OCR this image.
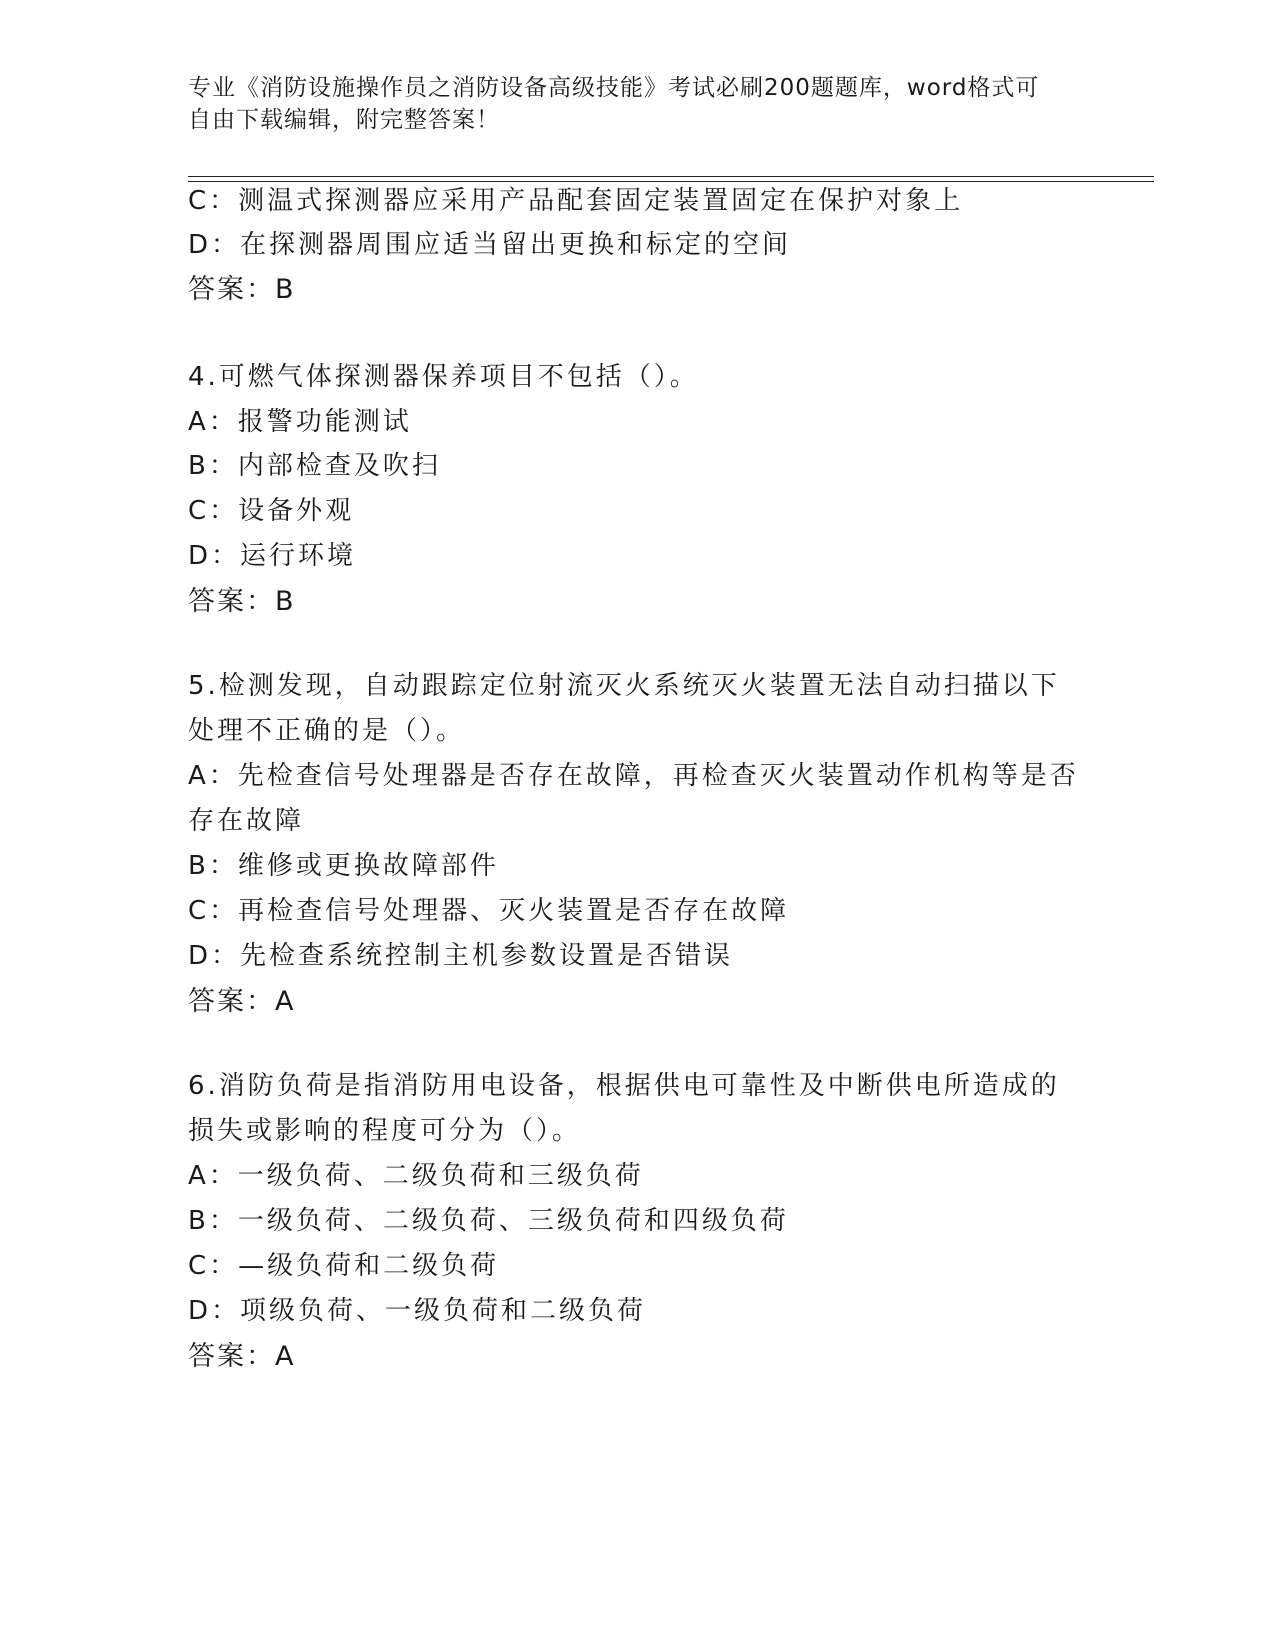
专业《消防设施操作员之消防设备高级技能》考试必刷200题题库，word格式可
自由下载编辑，附完整答案！
C：测温式探测器应采用产品配套固定装置固定在保护对象上
D：在探测器周围应适当留出更换和标定的空间
答案：B
4.可燃气体探测器保养项目不包括（）。
A：报警功能测试
B：内部检查及吹扫
C：设备外观
D：运行环境
答案：B
5.检测发现，自动跟踪定位射流灭火系统灭火装置无法自动扫描以下
处理不正确的是（）。
A：先检查信号处理器是否存在故障，再检查灭火装置动作机构等是否
存在故障
B：维修或更换故障部件
C：再检查信号处理器、灭火装置是否存在故障
D：先检查系统控制主机参数设置是否错误
答案：A
6.消防负荷是指消防用电设备，根据供电可靠性及中断供电所造成的
损失或影响的程度可分为（）。
A：一级负荷、二级负荷和三级负荷
B：一级负荷、二级负荷、三级负荷和四级负荷
C：—级负荷和二级负荷
D：项级负荷、一级负荷和二级负荷
答案：A
